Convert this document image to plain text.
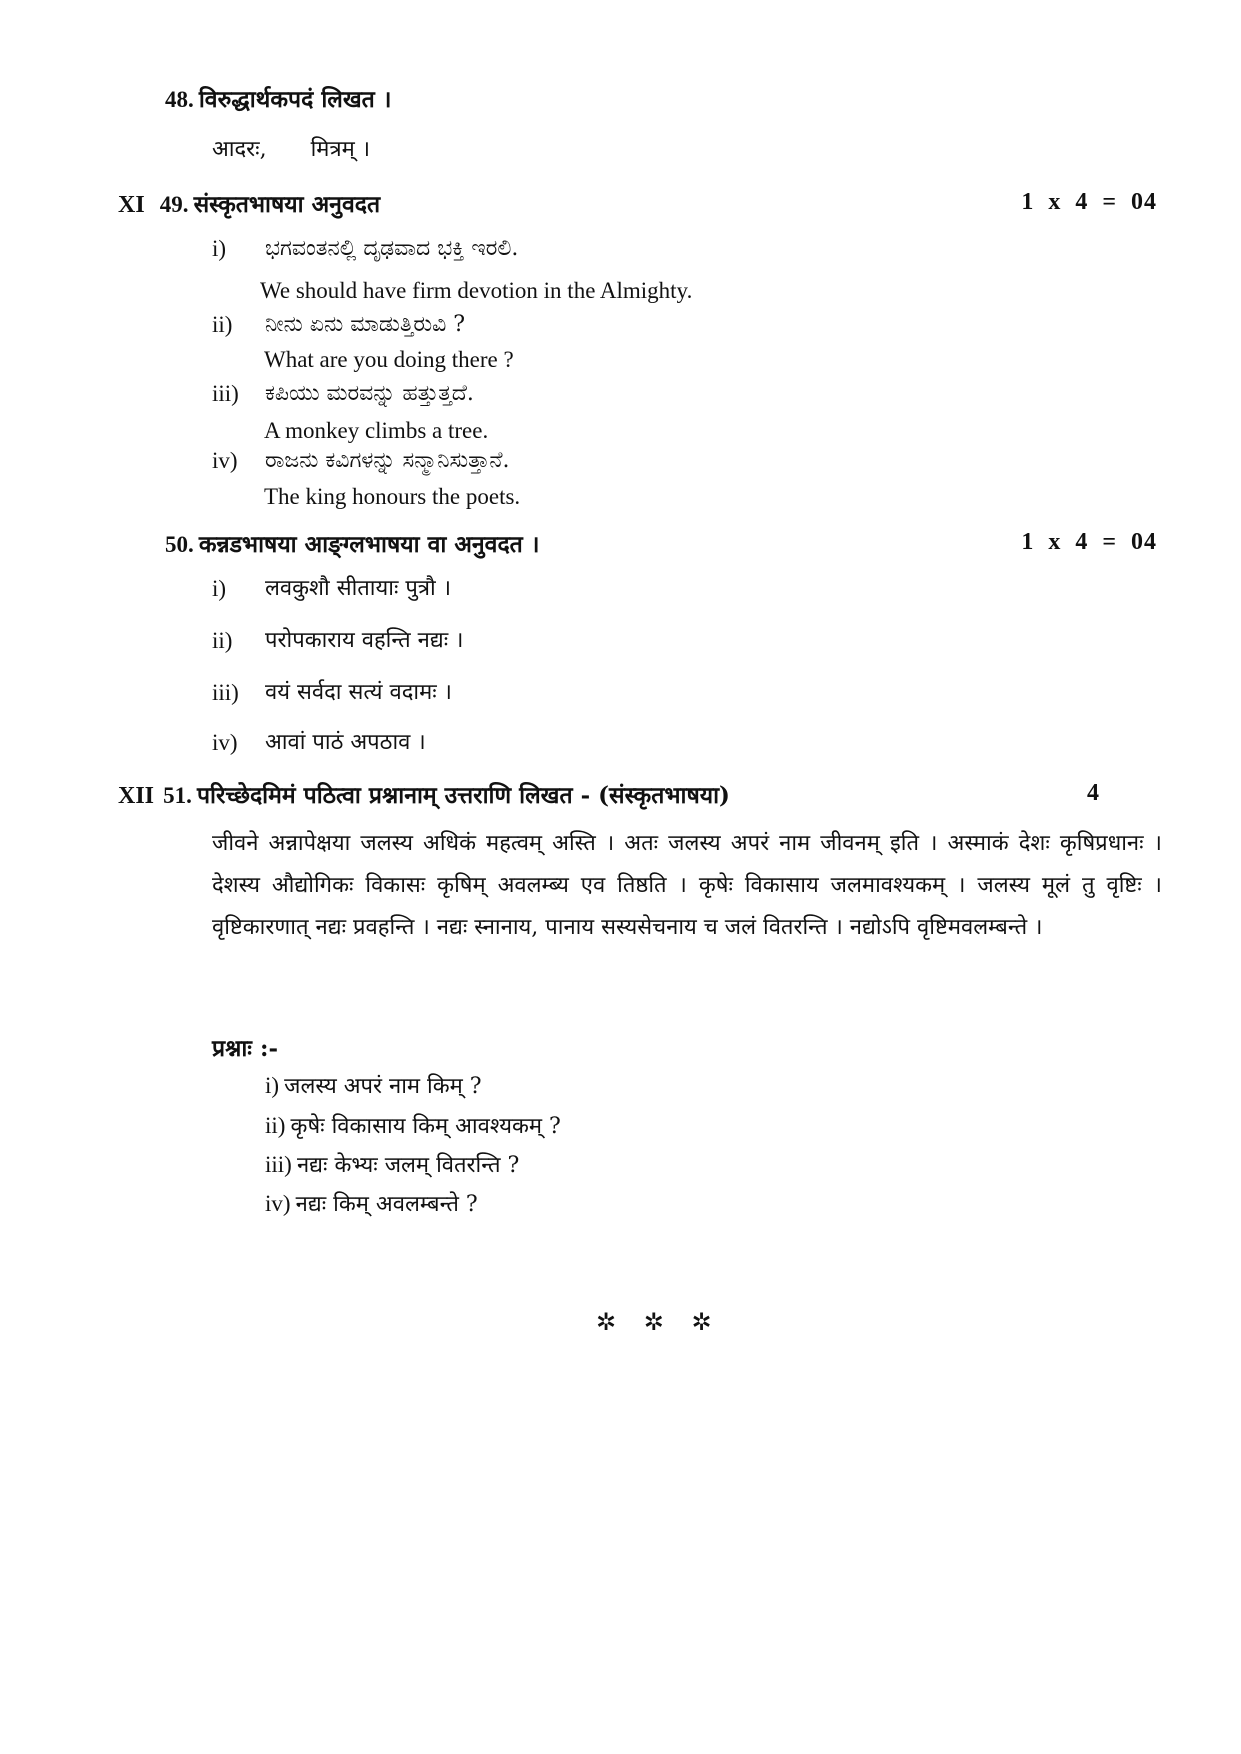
48. विरुद्धार्थकपदं लिखत ।
आदरः, मित्रम् ।
XI 49. संस्कृतभाषया अनुवदत	1  x  4  =  04
i) ಭಗವಂತನಲ್ಲಿ ದೃಢವಾದ ಭಕ್ತಿ ಇರಲಿ.
We should have firm devotion in the Almighty.
ii) ನೀನು ಏನು ಮಾಡುತ್ತಿರುವಿ ?
What are you doing there ?
iii) ಕಪಿಯು ಮರವನ್ನು ಹತ್ತುತ್ತದೆ.
A monkey climbs a tree.
iv) ರಾಜನು ಕವಿಗಳನ್ನು ಸನ್ಮಾನಿಸುತ್ತಾನೆ.
The king honours the poets.
50. कन्नडभाषया आङ्ग्लभाषया वा अनुवदत ।	1  x  4  =  04
i) लवकुशौ सीतायाः पुत्रौ ।
ii) परोपकाराय वहन्ति नद्यः ।
iii) वयं सर्वदा सत्यं वदामः ।
iv) आवां पाठं अपठाव ।
XII 51. परिच्छेदमिमं पठित्वा प्रश्नानाम् उत्तराणि लिखत - (संस्कृतभाषया)	4
जीवने अन्नापेक्षया जलस्य अधिकं महत्वम् अस्ति । अतः जलस्य अपरं नाम जीवनम् इति । अस्माकं देशः कृषिप्रधानः । देशस्य औद्योगिकः विकासः कृषिम् अवलम्ब्य एव तिष्ठति । कृषेः विकासाय जलमावश्यकम् । जलस्य मूलं तु वृष्टिः । वृष्टिकारणात् नद्यः प्रवहन्ति । नद्यः स्नानाय, पानाय सस्यसेचनाय च जलं वितरन्ति । नद्योऽपि वृष्टिमवलम्बन्ते ।
प्रश्नाः :-
i) जलस्य अपरं नाम किम् ?
ii) कृषेः विकासाय किम् आवश्यकम् ?
iii) नद्यः केभ्यः जलम् वितरन्ति ?
iv) नद्यः किम् अवलम्बन्ते ?
✲ ✲ ✲
